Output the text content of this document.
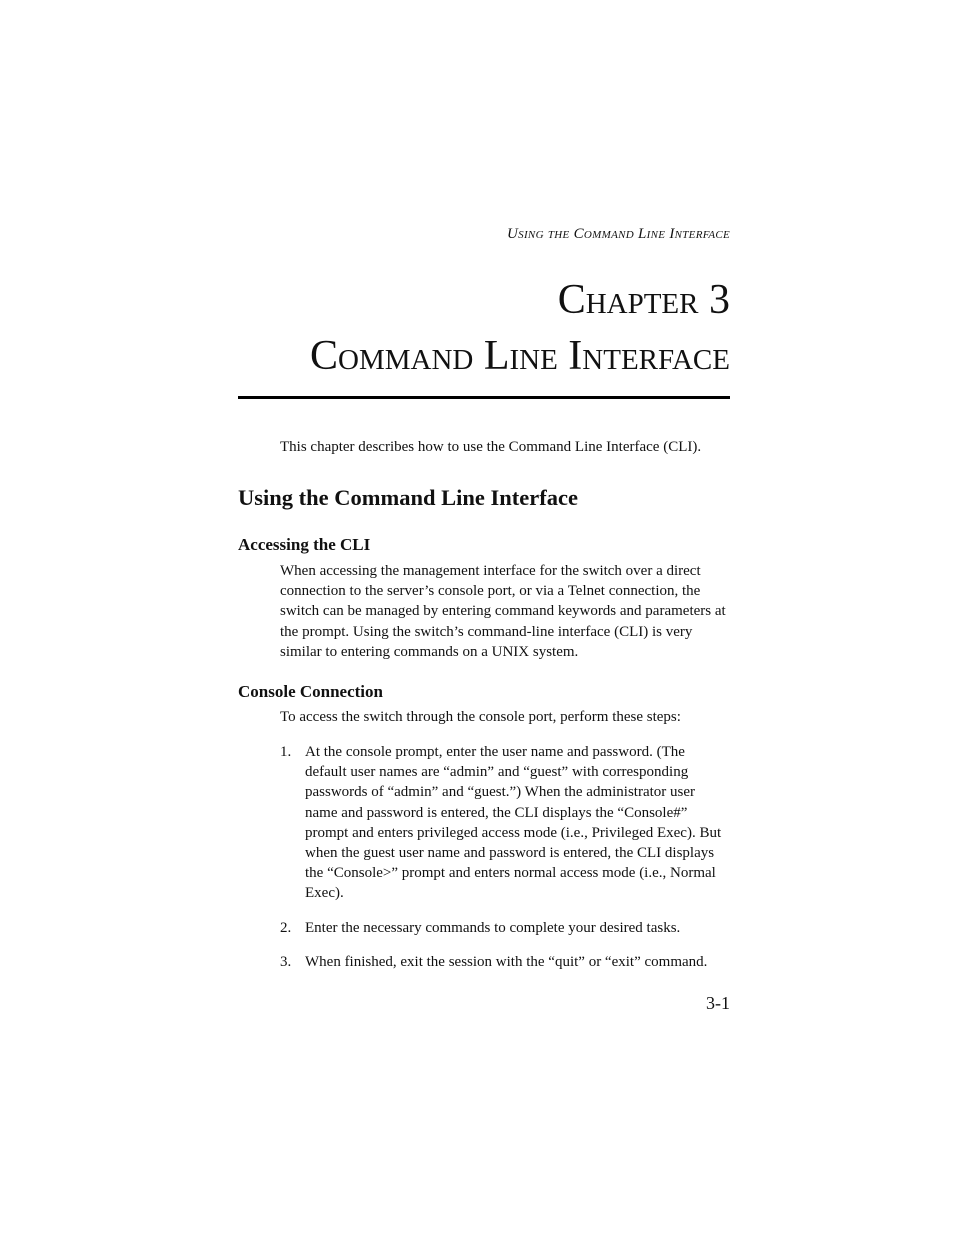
Using the Command Line Interface
Chapter 3
Command Line Interface
This chapter describes how to use the Command Line Interface (CLI).
Using the Command Line Interface
Accessing the CLI
When accessing the management interface for the switch over a direct
connection to the server’s console port, or via a Telnet connection, the
switch can be managed by entering command keywords and parameters at
the prompt. Using the switch’s command-line interface (CLI) is very
similar to entering commands on a UNIX system.
Console Connection
To access the switch through the console port, perform these steps:
1. At the console prompt, enter the user name and password. (The
default user names are “admin” and “guest” with corresponding
passwords of “admin” and “guest.”) When the administrator user
name and password is entered, the CLI displays the “Console#”
prompt and enters privileged access mode (i.e., Privileged Exec). But
when the guest user name and password is entered, the CLI displays
the “Console>” prompt and enters normal access mode (i.e., Normal
Exec).
2. Enter the necessary commands to complete your desired tasks.
3. When finished, exit the session with the “quit” or “exit” command.
3-1
